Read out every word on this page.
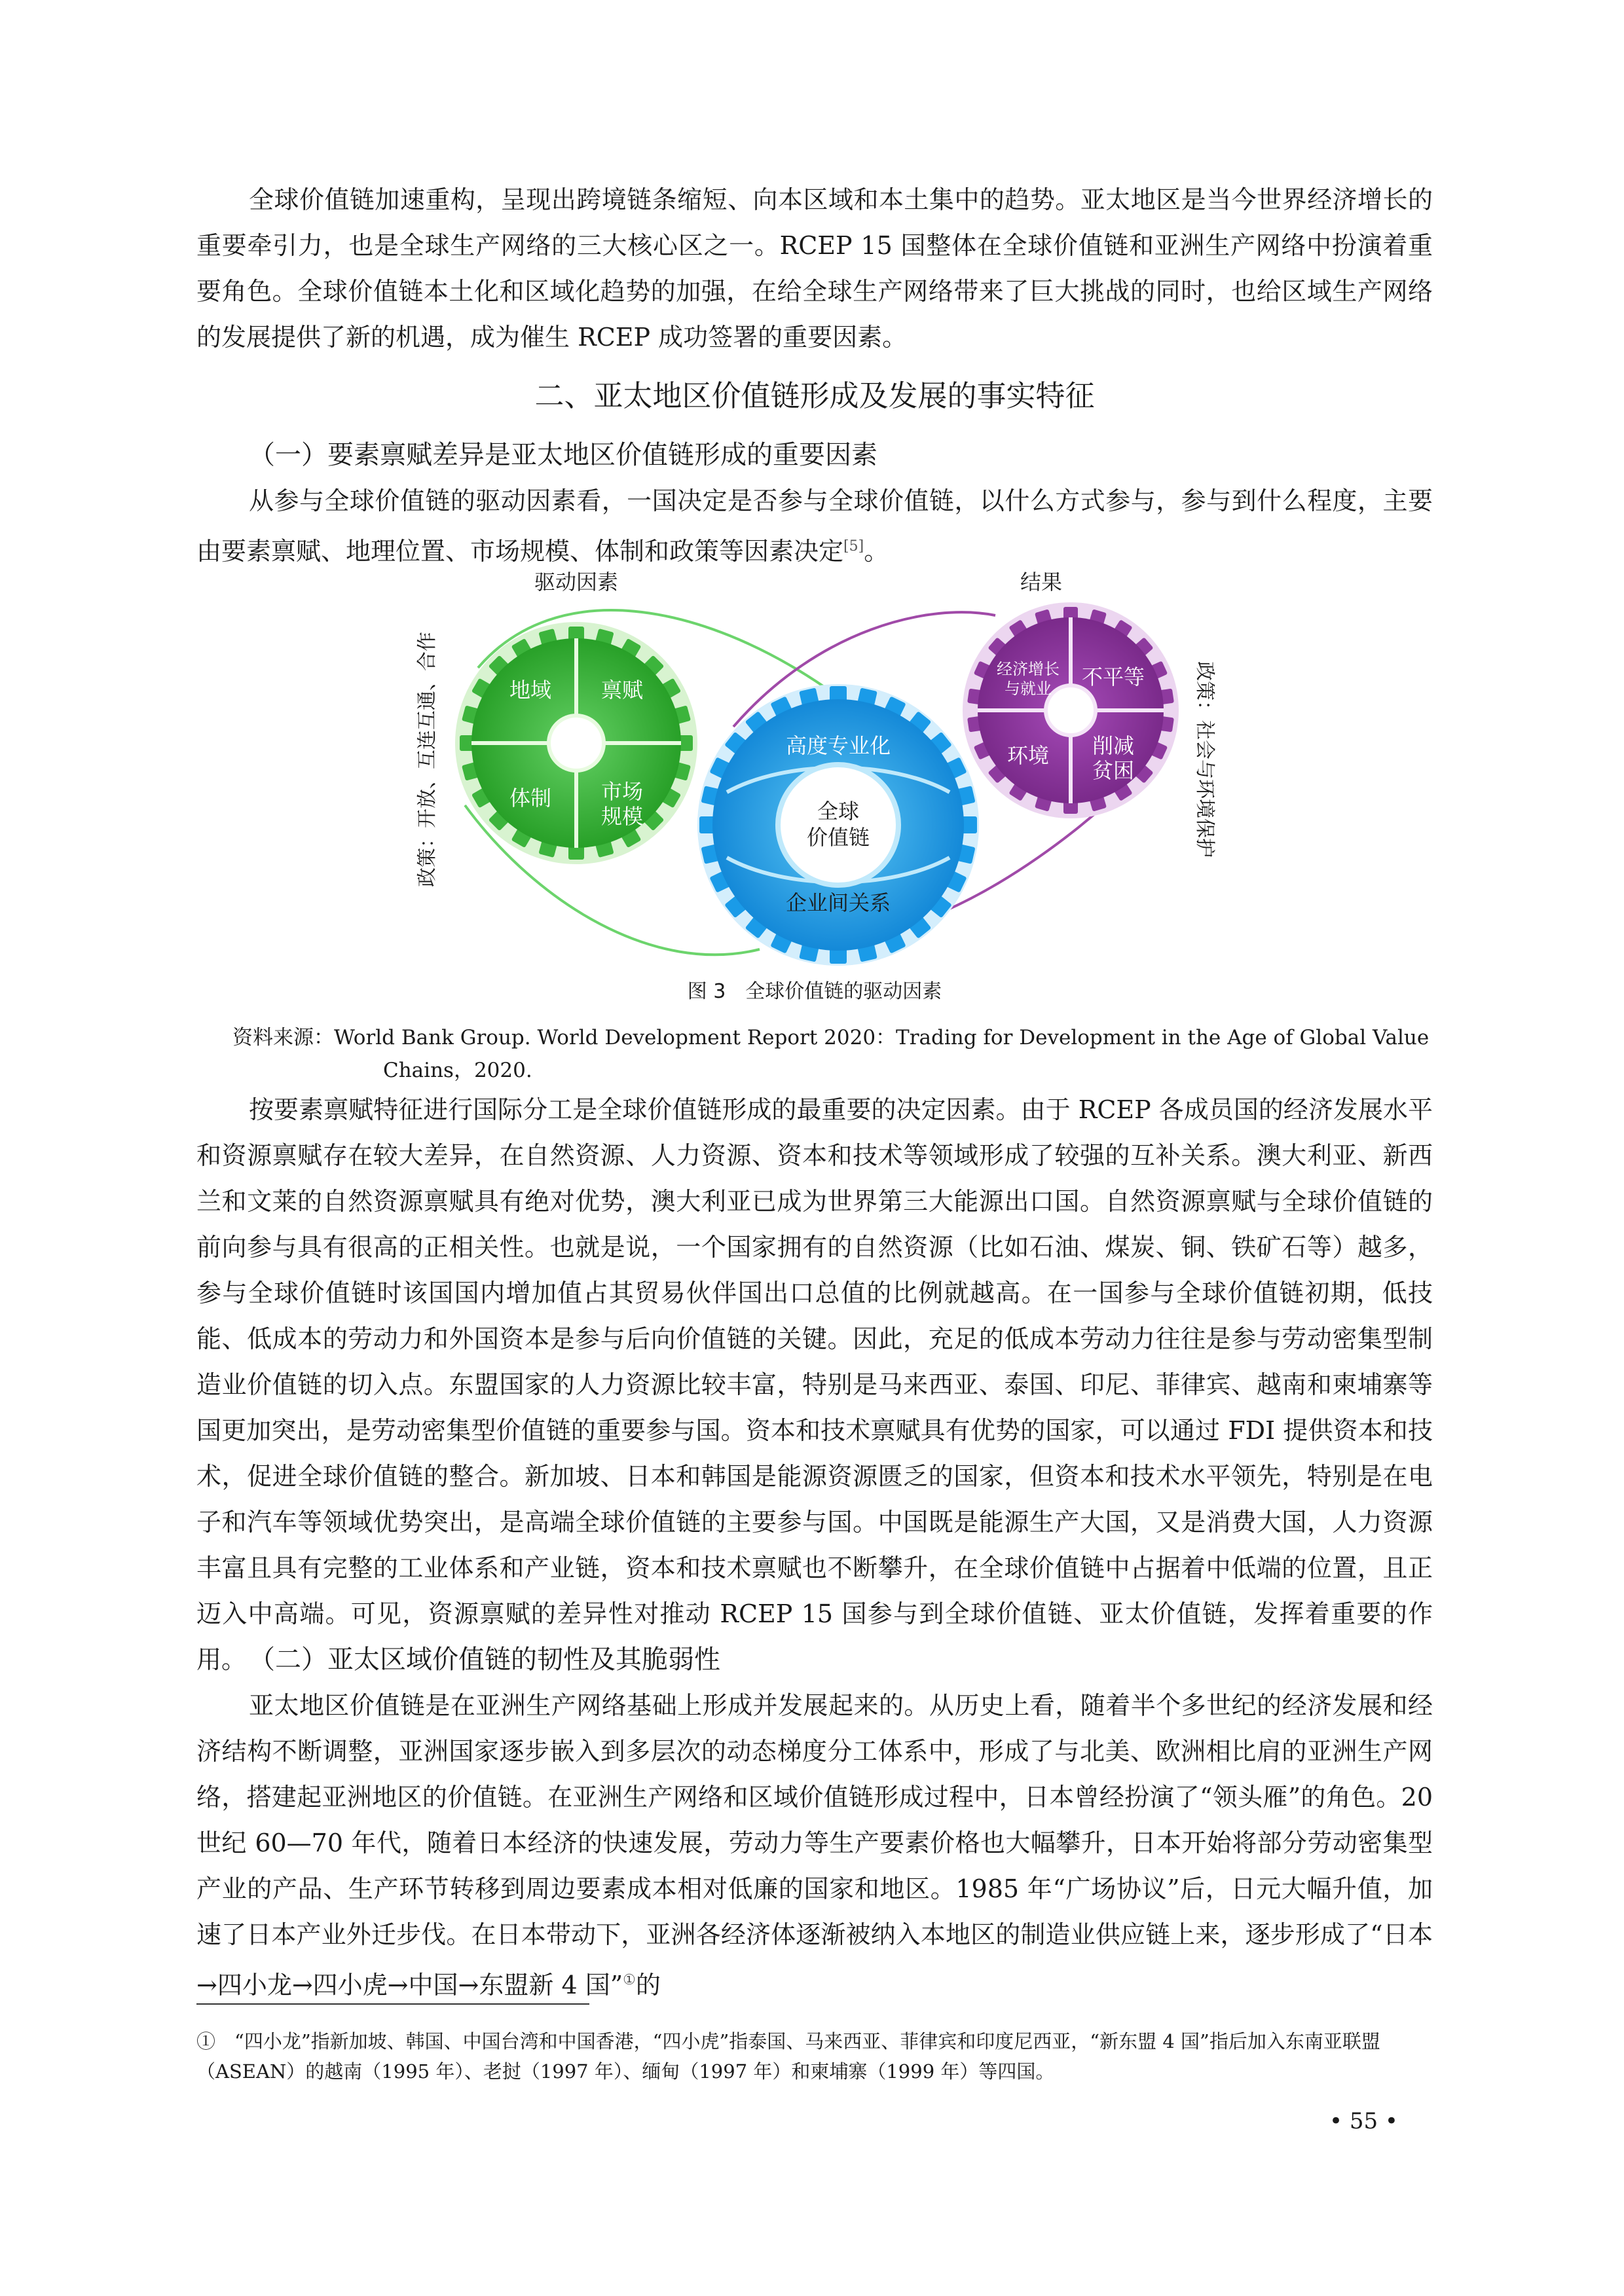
全球价值链加速重构，呈现出跨境链条缩短、向本区域和本土集中的趋势。亚太地区是当今世界经济增长的重要牵引力，也是全球生产网络的三大核心区之一。RCEP 15 国整体在全球价值链和亚洲生产网络中扮演着重要角色。全球价值链本土化和区域化趋势的加强，在给全球生产网络带来了巨大挑战的同时，也给区域生产网络的发展提供了新的机遇，成为催生 RCEP 成功签署的重要因素。

二、亚太地区价值链形成及发展的事实特征

（一）要素禀赋差异是亚太地区价值链形成的重要因素

从参与全球价值链的驱动因素看，一国决定是否参与全球价值链，以什么方式参与，参与到什么程度，主要由要素禀赋、地理位置、市场规模、体制和政策等因素决定[5]。

地域 禀赋
体制 市场规模
高度专业化
全球价值链
企业间关系
经济增长与就业	不平等
环境 削减贫困
驱动因素	结果
政策：开放、互连互通、合作	政策：社会与环境保护
图 3　全球价值链的驱动因素
资料来源：World Bank Group. World Development Report 2020：Trading for Development in the Age of Global Value
Chains，2020.

按要素禀赋特征进行国际分工是全球价值链形成的最重要的决定因素。由于 RCEP 各成员国的经济发展水平和资源禀赋存在较大差异，在自然资源、人力资源、资本和技术等领域形成了较强的互补关系。澳大利亚、新西兰和文莱的自然资源禀赋具有绝对优势，澳大利亚已成为世界第三大能源出口国。自然资源禀赋与全球价值链的前向参与具有很高的正相关性。也就是说，一个国家拥有的自然资源（比如石油、煤炭、铜、铁矿石等）越多，参与全球价值链时该国国内增加值占其贸易伙伴国出口总值的比例就越高。在一国参与全球价值链初期，低技能、低成本的劳动力和外国资本是参与后向价值链的关键。因此，充足的低成本劳动力往往是参与劳动密集型制造业价值链的切入点。东盟国家的人力资源比较丰富，特别是马来西亚、泰国、印尼、菲律宾、越南和柬埔寨等国更加突出，是劳动密集型价值链的重要参与国。资本和技术禀赋具有优势的国家，可以通过 FDI 提供资本和技术，促进全球价值链的整合。新加坡、日本和韩国是能源资源匮乏的国家，但资本和技术水平领先，特别是在电子和汽车等领域优势突出，是高端全球价值链的主要参与国。中国既是能源生产大国，又是消费大国，人力资源丰富且具有完整的工业体系和产业链，资本和技术禀赋也不断攀升，在全球价值链中占据着中低端的位置，且正迈入中高端。可见，资源禀赋的差异性对推动 RCEP 15 国参与到全球价值链、亚太价值链，发挥着重要的作用。 （二）亚太区域价值链的韧性及其脆弱性

亚太地区价值链是在亚洲生产网络基础上形成并发展起来的。从历史上看，随着半个多世纪的经济发展和经济结构不断调整，亚洲国家逐步嵌入到多层次的动态梯度分工体系中，形成了与北美、欧洲相比肩的亚洲生产网络，搭建起亚洲地区的价值链。在亚洲生产网络和区域价值链形成过程中，日本曾经扮演了“领头雁”的角色。20 世纪 60—70 年代，随着日本经济的快速发展，劳动力等生产要素价格也大幅攀升，日本开始将部分劳动密集型产业的产品、生产环节转移到周边要素成本相对低廉的国家和地区。1985 年“广场协议”后，日元大幅升值，加速了日本产业外迁步伐。在日本带动下，亚洲各经济体逐渐被纳入本地区的制造业供应链上来，逐步形成了“日本→四小龙→四小虎→中国→东盟新 4 国”①的

①　“四小龙”指新加坡、韩国、中国台湾和中国香港，“四小虎”指泰国、马来西亚、菲律宾和印度尼西亚，“新东盟 4 国”指后加入东南亚联盟（ASEAN）的越南（1995 年）、老挝（1997 年）、缅甸（1997 年）和柬埔寨（1999 年）等四国。
• 55 •
